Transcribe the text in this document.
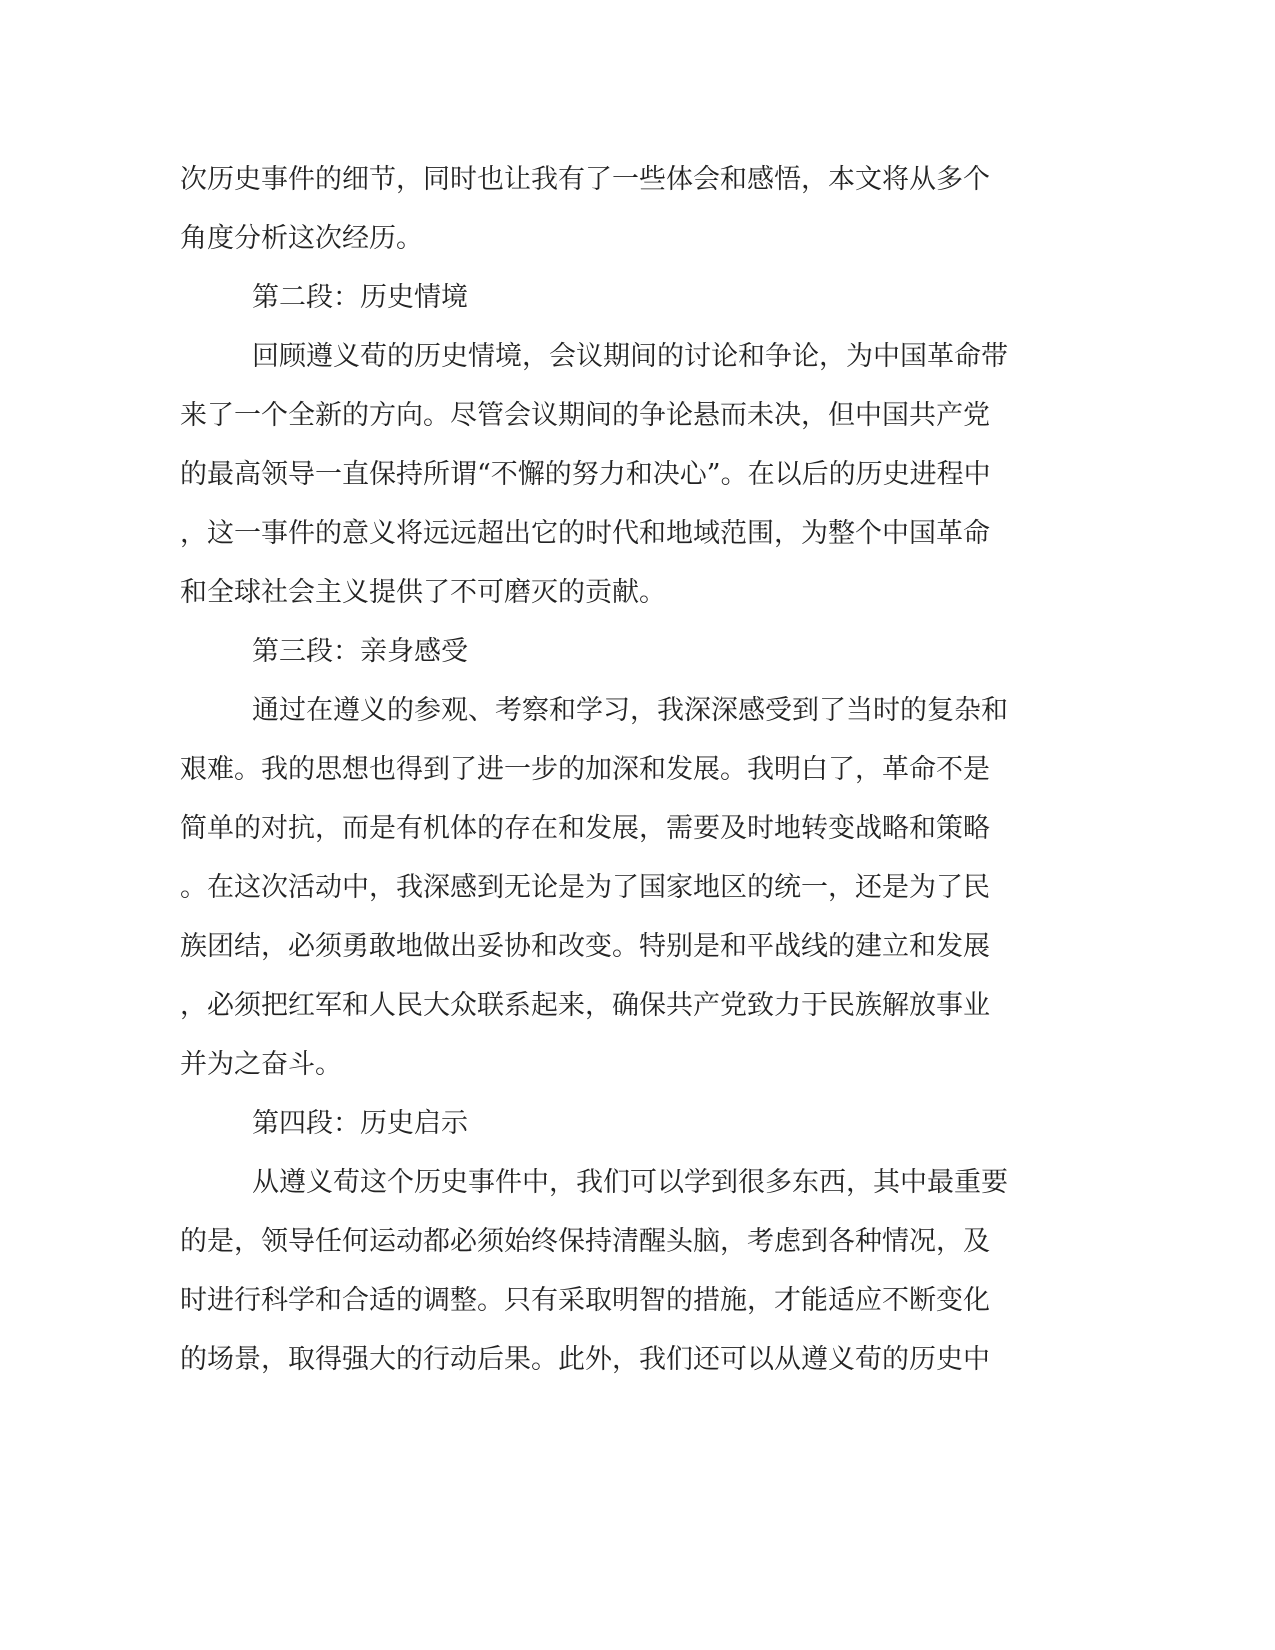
次历史事件的细节，同时也让我有了一些体会和感悟，本文将从多个
角度分析这次经历。
第二段：历史情境
回顾遵义荀的历史情境，会议期间的讨论和争论，为中国革命带
来了一个全新的方向。尽管会议期间的争论悬而未决，但中国共产党
的最高领导一直保持所谓“不懈的努力和决心”。在以后的历史进程中
，这一事件的意义将远远超出它的时代和地域范围，为整个中国革命
和全球社会主义提供了不可磨灭的贡献。
第三段：亲身感受
通过在遵义的参观、考察和学习，我深深感受到了当时的复杂和
艰难。我的思想也得到了进一步的加深和发展。我明白了，革命不是
简单的对抗，而是有机体的存在和发展，需要及时地转变战略和策略
。在这次活动中，我深感到无论是为了国家地区的统一，还是为了民
族团结，必须勇敢地做出妥协和改变。特别是和平战线的建立和发展
，必须把红军和人民大众联系起来，确保共产党致力于民族解放事业
并为之奋斗。
第四段：历史启示
从遵义荀这个历史事件中，我们可以学到很多东西，其中最重要
的是，领导任何运动都必须始终保持清醒头脑，考虑到各种情况，及
时进行科学和合适的调整。只有采取明智的措施，才能适应不断变化
的场景，取得强大的行动后果。此外，我们还可以从遵义荀的历史中
